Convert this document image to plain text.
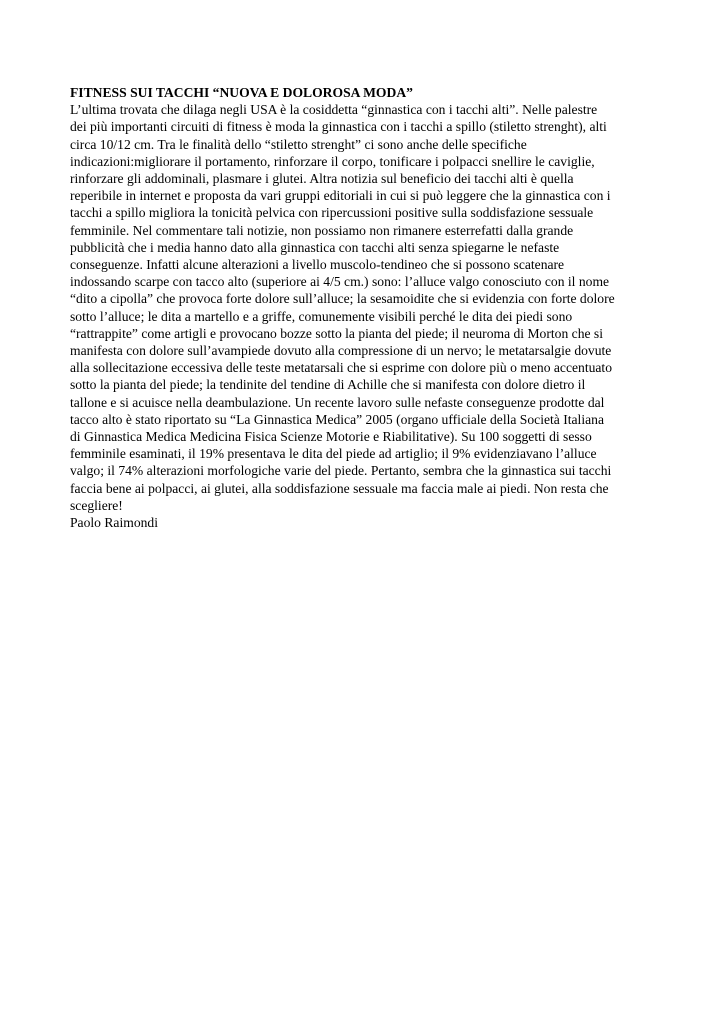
FITNESS SUI TACCHI “NUOVA E DOLOROSA MODA”
L’ultima trovata che dilaga negli USA è la cosiddetta “ginnastica con i tacchi alti”. Nelle palestre
dei più importanti circuiti di fitness è moda la ginnastica con i tacchi a spillo (stiletto strenght), alti
circa 10/12 cm. Tra le finalità dello “stiletto strenght” ci sono anche delle specifiche
indicazioni:migliorare il portamento, rinforzare il corpo, tonificare i polpacci snellire le caviglie,
rinforzare gli addominali, plasmare i glutei. Altra notizia sul beneficio dei tacchi alti è quella
reperibile in internet e proposta da vari gruppi editoriali in cui si può leggere che la ginnastica con i
tacchi a spillo migliora la tonicità pelvica con ripercussioni positive sulla soddisfazione sessuale
femminile. Nel commentare tali notizie, non possiamo non rimanere esterrefatti dalla grande
pubblicità che i media hanno dato alla ginnastica con tacchi alti senza spiegarne le nefaste
conseguenze. Infatti alcune alterazioni a livello muscolo-tendineo che si possono scatenare
indossando scarpe con tacco alto (superiore ai 4/5 cm.) sono: l’alluce valgo conosciuto con il nome
“dito a cipolla” che provoca forte dolore sull’alluce; la sesamoidite che si evidenzia con forte dolore
sotto l’alluce; le dita a martello e a griffe, comunemente visibili perché le dita dei piedi sono
“rattrappite” come artigli e provocano bozze sotto la pianta del piede; il neuroma di Morton che si
manifesta con dolore sull’avampiede dovuto alla compressione di un nervo; le metatarsalgie dovute
alla sollecitazione eccessiva delle teste metatarsali che si esprime con dolore più o meno accentuato
sotto la pianta del piede; la tendinite del tendine di Achille che si manifesta con dolore dietro il
tallone e si acuisce nella deambulazione. Un recente lavoro sulle nefaste conseguenze prodotte dal
tacco alto è stato riportato su “La Ginnastica Medica” 2005 (organo ufficiale della Società Italiana
di Ginnastica Medica Medicina Fisica Scienze Motorie e Riabilitative). Su 100 soggetti di sesso
femminile esaminati, il 19% presentava le dita del piede ad artiglio; il 9% evidenziavano l’alluce
valgo; il 74% alterazioni morfologiche varie del piede. Pertanto, sembra che la ginnastica sui tacchi
faccia bene ai polpacci, ai glutei, alla soddisfazione sessuale ma faccia male ai piedi. Non resta che
scegliere!
Paolo Raimondi
